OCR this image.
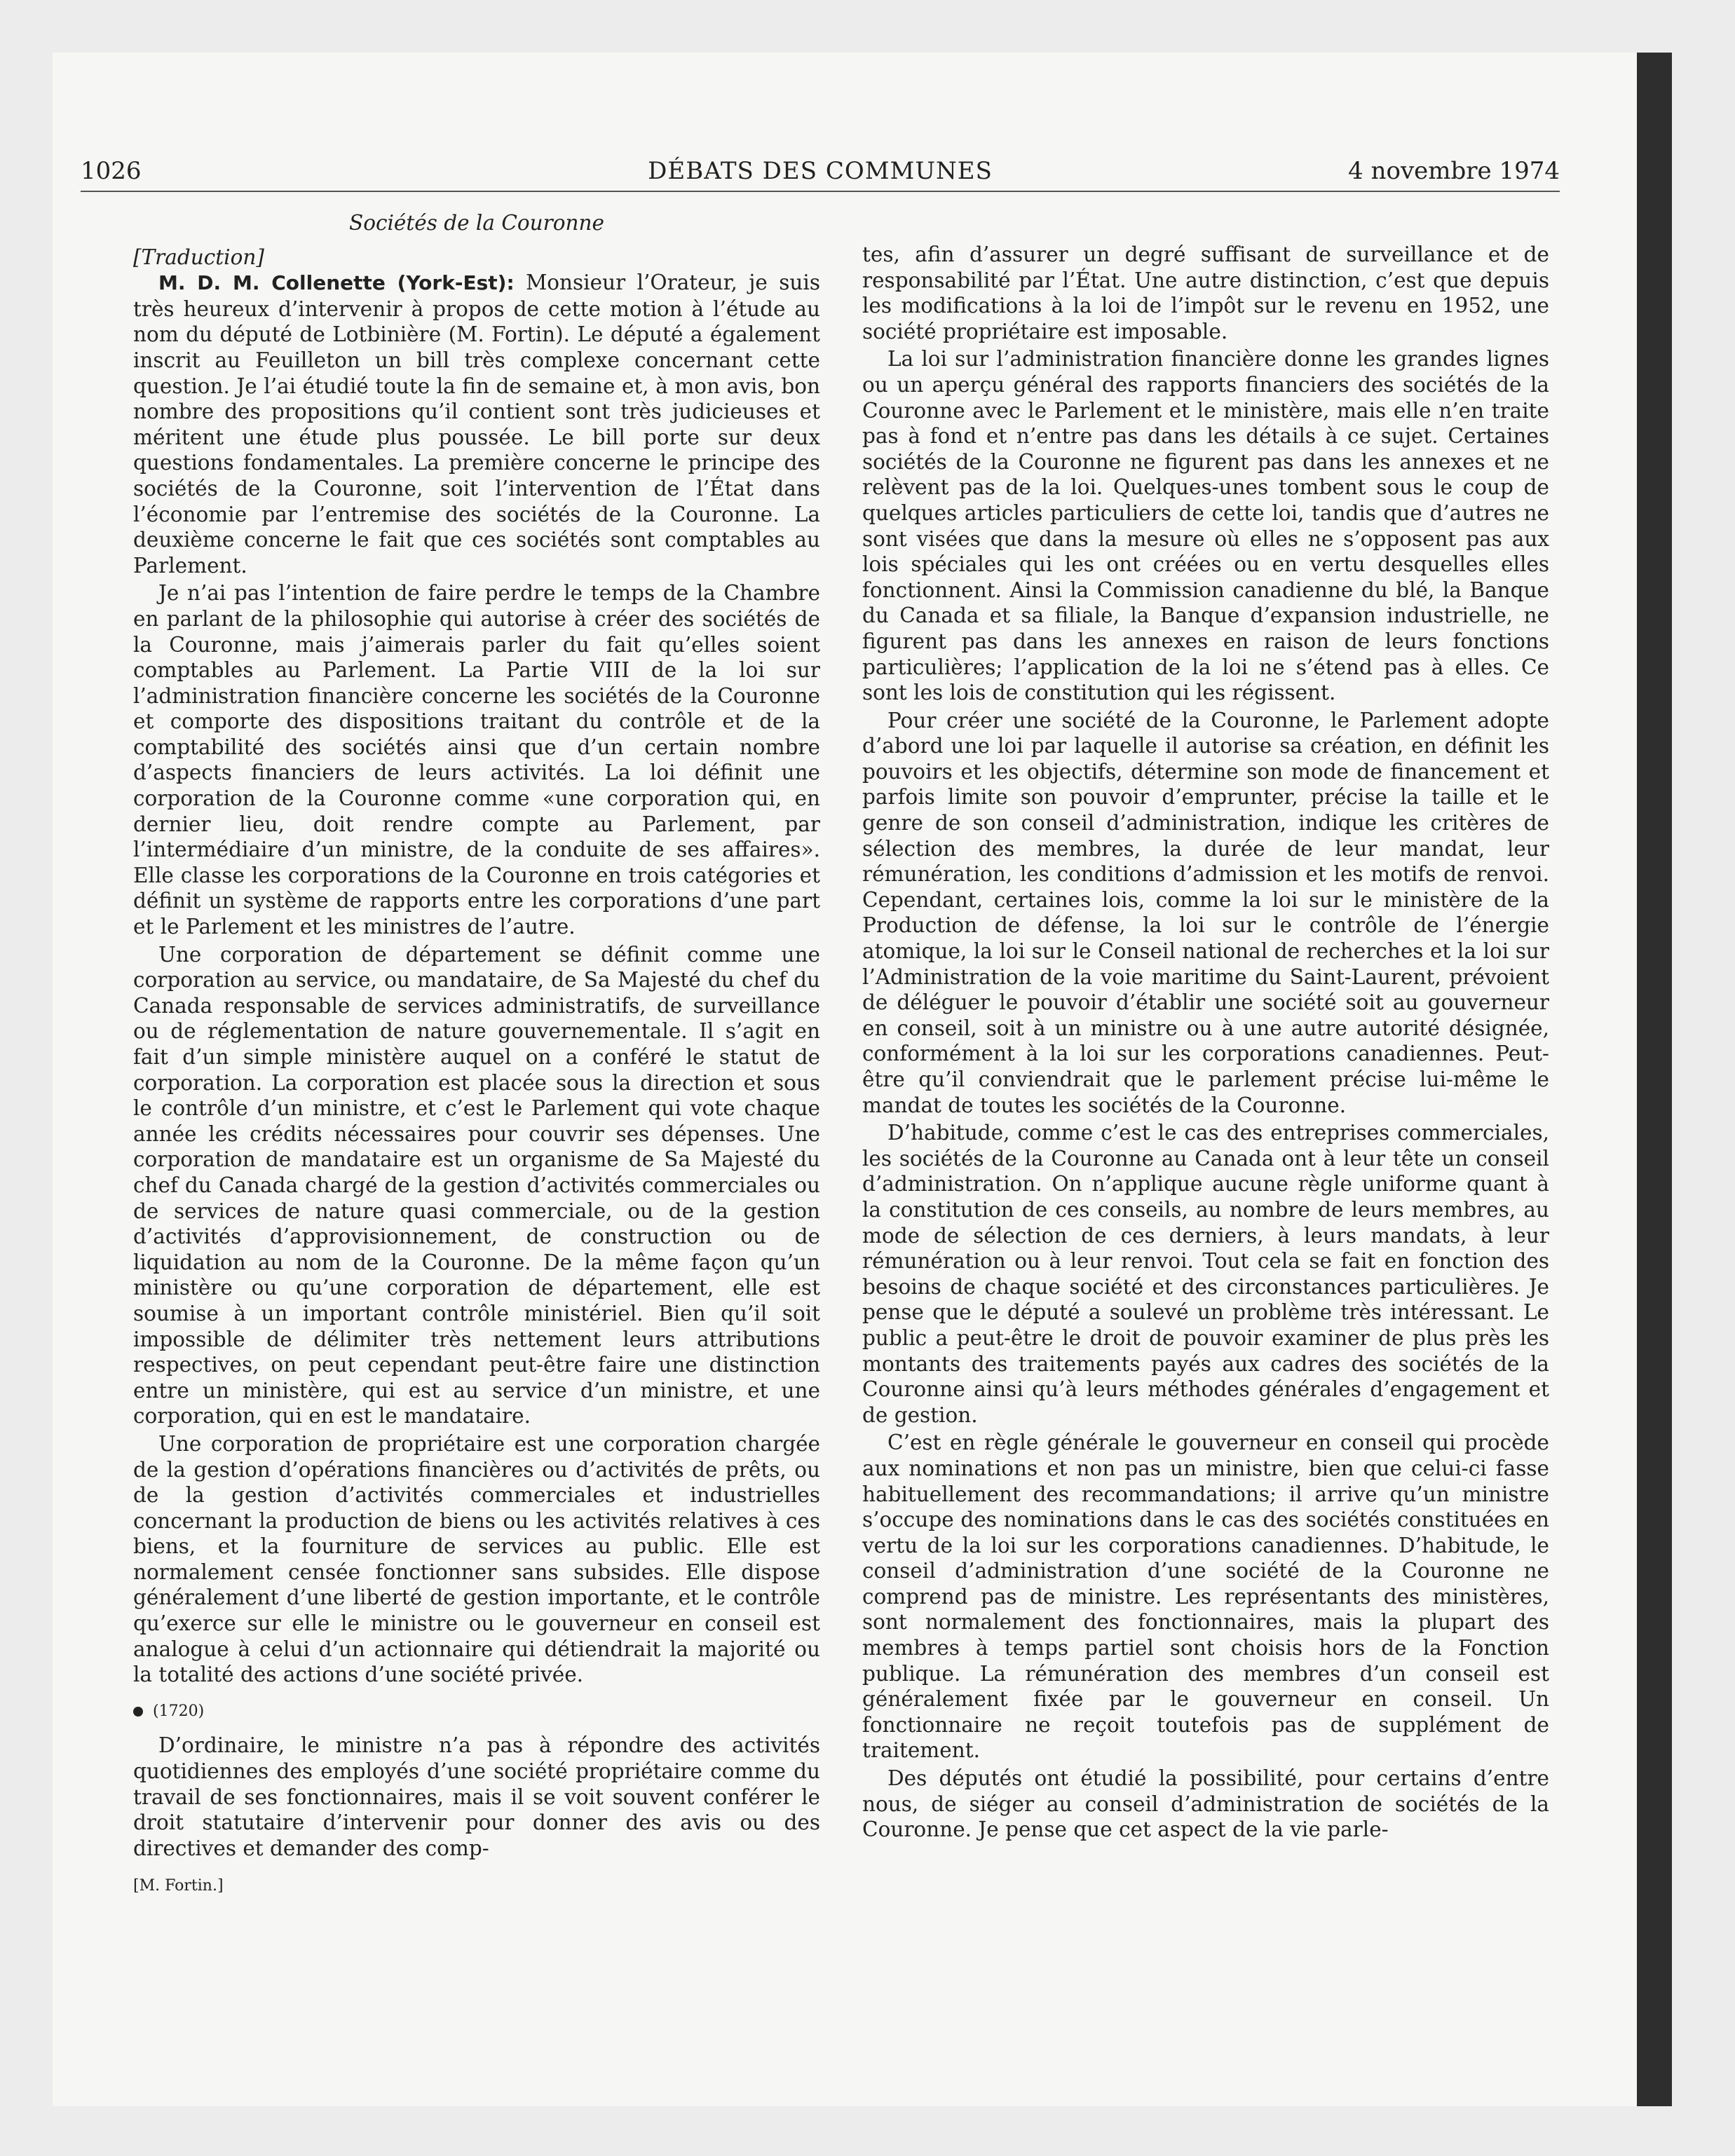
1026	DÉBATS DES COMMUNES	4 novembre 1974
Sociétés de la Couronne
[Traduction]

M. D. M. Collenette (York-Est): Monsieur l’Orateur, je suis très heureux d’intervenir à propos de cette motion à l’étude au nom du député de Lotbinière (M. Fortin). Le député a également inscrit au Feuilleton un bill très complexe concernant cette question. Je l’ai étudié toute la fin de semaine et, à mon avis, bon nombre des propositions qu’il contient sont très judicieuses et méritent une étude plus poussée. Le bill porte sur deux questions fondamentales. La première concerne le principe des sociétés de la Couronne, soit l’intervention de l’État dans l’économie par l’entremise des sociétés de la Couronne. La deuxième concerne le fait que ces sociétés sont comptables au Parlement.

Je n’ai pas l’intention de faire perdre le temps de la Chambre en parlant de la philosophie qui autorise à créer des sociétés de la Couronne, mais j’aimerais parler du fait qu’elles soient comptables au Parlement. La Partie VIII de la loi sur l’administration financière concerne les sociétés de la Couronne et comporte des dispositions traitant du contrôle et de la comptabilité des sociétés ainsi que d’un certain nombre d’aspects financiers de leurs activités. La loi définit une corporation de la Couronne comme «une corporation qui, en dernier lieu, doit rendre compte au Parlement, par l’intermédiaire d’un ministre, de la conduite de ses affaires». Elle classe les corporations de la Couronne en trois catégories et définit un système de rapports entre les corporations d’une part et le Parlement et les ministres de l’autre.

Une corporation de département se définit comme une corporation au service, ou mandataire, de Sa Majesté du chef du Canada responsable de services administratifs, de surveillance ou de réglementation de nature gouvernementale. Il s’agit en fait d’un simple ministère auquel on a conféré le statut de corporation. La corporation est placée sous la direction et sous le contrôle d’un ministre, et c’est le Parlement qui vote chaque année les crédits nécessaires pour couvrir ses dépenses. Une corporation de mandataire est un organisme de Sa Majesté du chef du Canada chargé de la gestion d’activités commerciales ou de services de nature quasi commerciale, ou de la gestion d’activités d’approvisionnement, de construction ou de liquidation au nom de la Couronne. De la même façon qu’un ministère ou qu’une corporation de département, elle est soumise à un important contrôle ministériel. Bien qu’il soit impossible de délimiter très nettement leurs attributions respectives, on peut cependant peut-être faire une distinction entre un ministère, qui est au service d’un ministre, et une corporation, qui en est le mandataire.

Une corporation de propriétaire est une corporation chargée de la gestion d’opérations financières ou d’activités de prêts, ou de la gestion d’activités commerciales et industrielles concernant la production de biens ou les activités relatives à ces biens, et la fourniture de services au public. Elle est normalement censée fonctionner sans subsides. Elle dispose généralement d’une liberté de gestion importante, et le contrôle qu’exerce sur elle le ministre ou le gouverneur en conseil est analogue à celui d’un actionnaire qui détiendrait la majorité ou la totalité des actions d’une société privée.

(1720)

D’ordinaire, le ministre n’a pas à répondre des activités quotidiennes des employés d’une société propriétaire comme du travail de ses fonctionnaires, mais il se voit souvent conférer le droit statutaire d’intervenir pour donner des avis ou des directives et demander des comp-

[M. Fortin.]

tes, afin d’assurer un degré suffisant de surveillance et de responsabilité par l’État. Une autre distinction, c’est que depuis les modifications à la loi de l’impôt sur le revenu en 1952, une société propriétaire est imposable.

La loi sur l’administration financière donne les grandes lignes ou un aperçu général des rapports financiers des sociétés de la Couronne avec le Parlement et le ministère, mais elle n’en traite pas à fond et n’entre pas dans les détails à ce sujet. Certaines sociétés de la Couronne ne figurent pas dans les annexes et ne relèvent pas de la loi. Quelques-unes tombent sous le coup de quelques articles particuliers de cette loi, tandis que d’autres ne sont visées que dans la mesure où elles ne s’opposent pas aux lois spéciales qui les ont créées ou en vertu desquelles elles fonctionnent. Ainsi la Commission canadienne du blé, la Banque du Canada et sa filiale, la Banque d’expansion industrielle, ne figurent pas dans les annexes en raison de leurs fonctions particulières; l’application de la loi ne s’étend pas à elles. Ce sont les lois de constitution qui les régissent.

Pour créer une société de la Couronne, le Parlement adopte d’abord une loi par laquelle il autorise sa création, en définit les pouvoirs et les objectifs, détermine son mode de financement et parfois limite son pouvoir d’emprunter, précise la taille et le genre de son conseil d’administration, indique les critères de sélection des membres, la durée de leur mandat, leur rémunération, les conditions d’admission et les motifs de renvoi. Cependant, certaines lois, comme la loi sur le ministère de la Production de défense, la loi sur le contrôle de l’énergie atomique, la loi sur le Conseil national de recherches et la loi sur l’Administration de la voie maritime du Saint-Laurent, prévoient de déléguer le pouvoir d’établir une société soit au gouverneur en conseil, soit à un ministre ou à une autre autorité désignée, conformément à la loi sur les corporations canadiennes. Peut-être qu’il conviendrait que le parlement précise lui-même le mandat de toutes les sociétés de la Couronne.

D’habitude, comme c’est le cas des entreprises commerciales, les sociétés de la Couronne au Canada ont à leur tête un conseil d’administration. On n’applique aucune règle uniforme quant à la constitution de ces conseils, au nombre de leurs membres, au mode de sélection de ces derniers, à leurs mandats, à leur rémunération ou à leur renvoi. Tout cela se fait en fonction des besoins de chaque société et des circonstances particulières. Je pense que le député a soulevé un problème très intéressant. Le public a peut-être le droit de pouvoir examiner de plus près les montants des traitements payés aux cadres des sociétés de la Couronne ainsi qu’à leurs méthodes générales d’engagement et de gestion.

C’est en règle générale le gouverneur en conseil qui procède aux nominations et non pas un ministre, bien que celui-ci fasse habituellement des recommandations; il arrive qu’un ministre s’occupe des nominations dans le cas des sociétés constituées en vertu de la loi sur les corporations canadiennes. D’habitude, le conseil d’administration d’une société de la Couronne ne comprend pas de ministre. Les représentants des ministères, sont normalement des fonctionnaires, mais la plupart des membres à temps partiel sont choisis hors de la Fonction publique. La rémunération des membres d’un conseil est généralement fixée par le gouverneur en conseil. Un fonctionnaire ne reçoit toutefois pas de supplément de traitement.

Des députés ont étudié la possibilité, pour certains d’entre nous, de siéger au conseil d’administration de sociétés de la Couronne. Je pense que cet aspect de la vie parle-
